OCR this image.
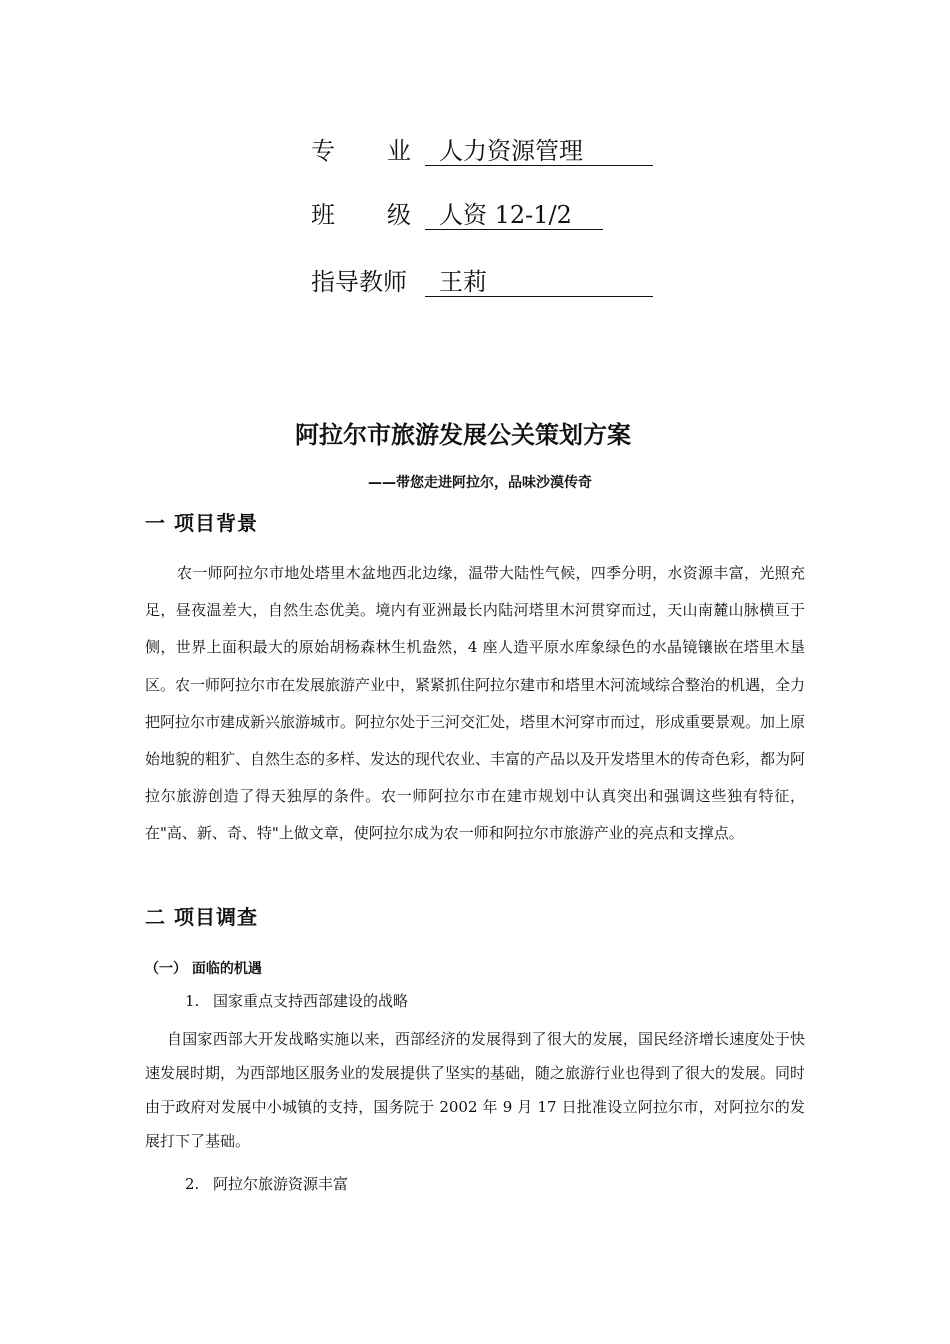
专 业	人力资源管理
班 级	人资 12-1/2
指导教师	王莉
阿拉尔市旅游发展公关策划方案
——带您走进阿拉尔，品味沙漠传奇
一 项目背景

农一师阿拉尔市地处塔里木盆地西北边缘，温带大陆性气候，四季分明，水资源丰富，光照充足，昼夜温差大，自然生态优美。境内有亚洲最长内陆河塔里木河贯穿而过，天山南麓山脉横亘于侧，世界上面积最大的原始胡杨森林生机盎然，4 座人造平原水库象绿色的水晶镜镶嵌在塔里木垦区。农一师阿拉尔市在发展旅游产业中，紧紧抓住阿拉尔建市和塔里木河流域综合整治的机遇，全力把阿拉尔市建成新兴旅游城市。阿拉尔处于三河交汇处，塔里木河穿市而过，形成重要景观。加上原始地貌的粗犷、自然生态的多样、发达的现代农业、丰富的产品以及开发塔里木的传奇色彩，都为阿拉尔旅游创造了得天独厚的条件。农一师阿拉尔市在建市规划中认真突出和强调这些独有特征，在"高、新、奇、特"上做文章，使阿拉尔成为农一师和阿拉尔市旅游产业的亮点和支撑点。

二 项目调查
（一） 面临的机遇
1. 国家重点支持西部建设的战略

自国家西部大开发战略实施以来，西部经济的发展得到了很大的发展，国民经济增长速度处于快速发展时期，为西部地区服务业的发展提供了坚实的基础，随之旅游行业也得到了很大的发展。同时由于政府对发展中小城镇的支持，国务院于 2002 年 9 月 17 日批准设立阿拉尔市，对阿拉尔的发展打下了基础。

2. 阿拉尔旅游资源丰富
